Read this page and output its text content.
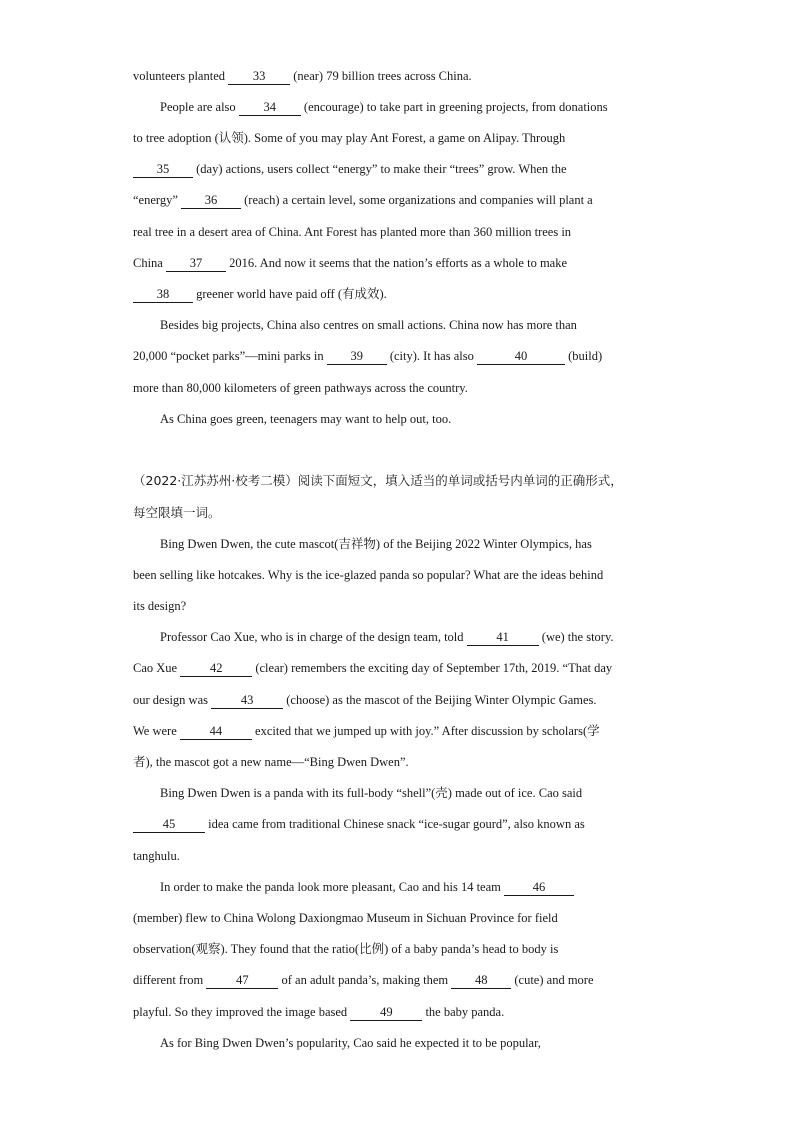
volunteers planted 33 (near) 79 billion trees across China.
People are also 34 (encourage) to take part in greening projects, from donations
to tree adoption (认领). Some of you may play Ant Forest, a game on Alipay. Through
35 (day) actions, users collect “energy” to make their “trees” grow. When the
“energy” 36 (reach) a certain level, some organizations and companies will plant a
real tree in a desert area of China. Ant Forest has planted more than 360 million trees in
China 37 2016. And now it seems that the nation’s efforts as a whole to make
38 greener world have paid off (有成效).
Besides big projects, China also centres on small actions. China now has more than
20,000 “pocket parks”—mini parks in 39 (city). It has also	40	(build)
more than 80,000 kilometers of green pathways across the country.
As China goes green, teenagers may want to help out, too.
（2022·江苏苏州·校考二模）阅读下面短文，填入适当的单词或括号内单词的正确形式，
每空限填一词。
Bing Dwen Dwen, the cute mascot(吉祥物) of the Beijing 2022 Winter Olympics, has
been selling like hotcakes. Why is the ice-glazed panda so popular? What are the ideas behind
its design?
Professor Cao Xue, who is in charge of the design team, told 41 (we) the story.
Cao Xue 42 (clear) remembers the exciting day of September 17th, 2019. “That day
our design was 43 (choose) as the mascot of the Beijing Winter Olympic Games.
We were 44 excited that we jumped up with joy.” After discussion by scholars(学
者), the mascot got a new name—“Bing Dwen Dwen”.
Bing Dwen Dwen is a panda with its full-body “shell”(壳) made out of ice. Cao said
45 idea came from traditional Chinese snack “ice-sugar gourd”, also known as
tanghulu.
In order to make the panda look more pleasant, Cao and his 14 team 46
(member) flew to China Wolong Daxiongmao Museum in Sichuan Province for field
observation(观察). They found that the ratio(比例) of a baby panda’s head to body is
different from 47 of an adult panda’s, making them 48 (cute) and more
playful. So they improved the image based 49 the baby panda.
As for Bing Dwen Dwen’s popularity, Cao said he expected it to be popular,
